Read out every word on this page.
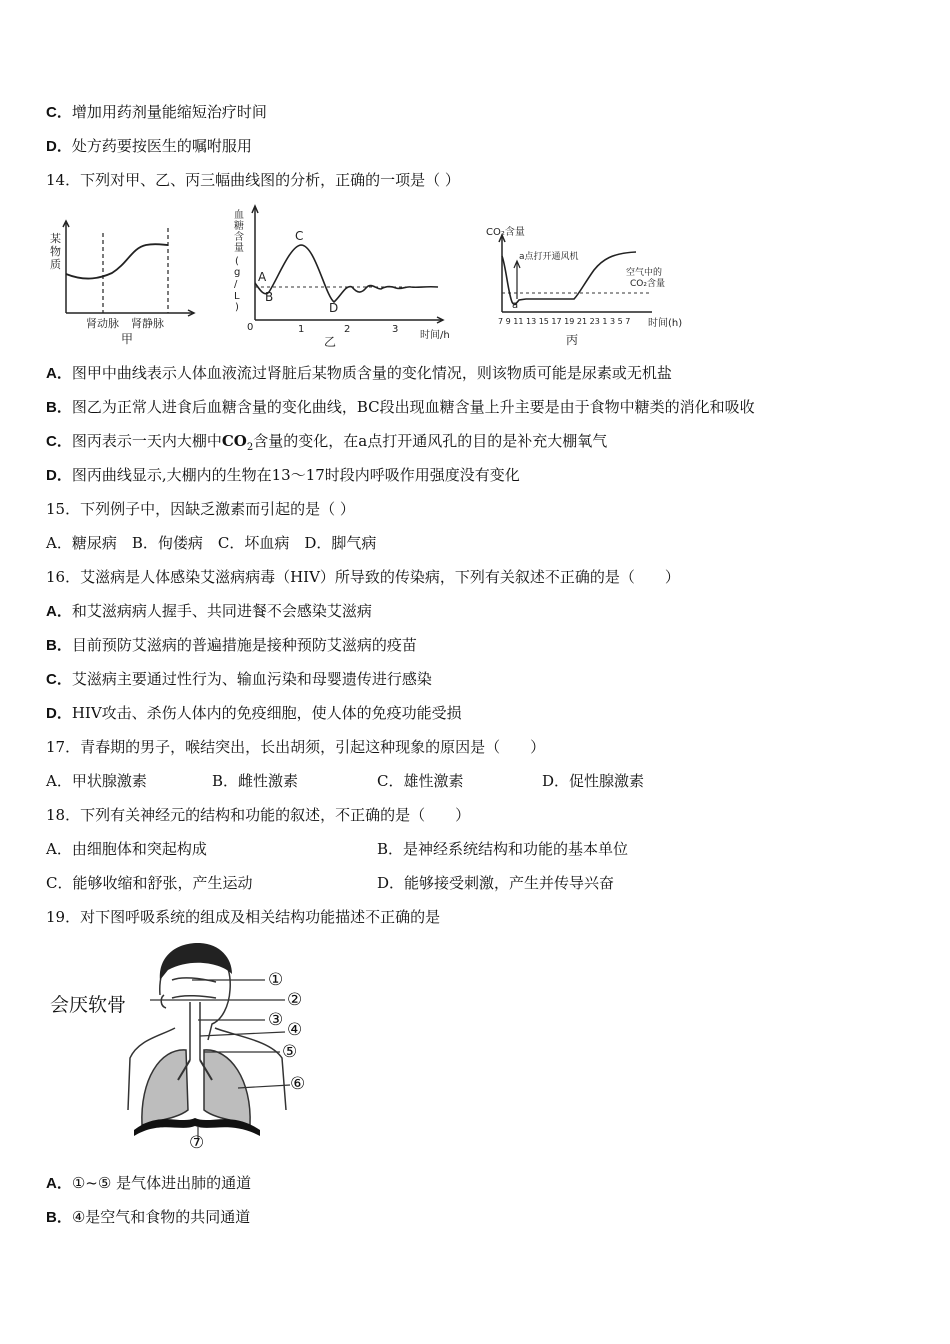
C．增加用药剂量能缩短治疗时间
D．处方药要按医生的嘱咐服用
14．下列对甲、乙、丙三幅曲线图的分析，正确的一项是（ ）
某
物
质
肾动脉 肾静脉
甲
血
糖
含
量
(
g
/
L
)
A
B
C
D
0	1	2	3
时间/h
乙
CO₂含量
a点打开通风机
a
空气中的
CO₂含量
7 9 11 13 15 17 19 21 23 1 3 5 7 时间(h)
丙
A．图甲中曲线表示人体血液流过肾脏后某物质含量的变化情况，则该物质可能是尿素或无机盐
B．图乙为正常人进食后血糖含量的变化曲线，BC段出现血糖含量上升主要是由于食物中糖类的消化和吸收
C．图丙表示一天内大棚中$CO_2$含量的变化，在a点打开通风孔的目的是补充大棚氧气
D．图丙曲线显示,大棚内的生物在13～17时段内呼吸作用强度没有变化
15．下列例子中，因缺乏激素而引起的是（ ）
A．糖尿病　B．佝偻病　C．坏血病　D．脚气病
16．艾滋病是人体感染艾滋病病毒（HIV）所导致的传染病，下列有关叙述不正确的是（　　）
A．和艾滋病病人握手、共同进餐不会感染艾滋病
B．目前预防艾滋病的普遍措施是接种预防艾滋病的疫苗
C．艾滋病主要通过性行为、输血污染和母婴遗传进行感染
D．HIV攻击、杀伤人体内的免疫细胞，使人体的免疫功能受损
17．青春期的男子，喉结突出，长出胡须，引起这种现象的原因是（　　）
A．甲状腺激素	B．雌性激素	C．雄性激素	D．促性腺激素
18．下列有关神经元的结构和功能的叙述，不正确的是（　　）
A．由细胞体和突起构成	B．是神经系统结构和功能的基本单位
C．能够收缩和舒张，产生运动	D．能够接受刺激，产生并传导兴奋
19．对下图呼吸系统的组成及相关结构功能描述不正确的是
会厌软骨
①
②
③ ④
⑤
⑥
⑦
A．①~⑤ 是气体进出肺的通道
B．④是空气和食物的共同通道
